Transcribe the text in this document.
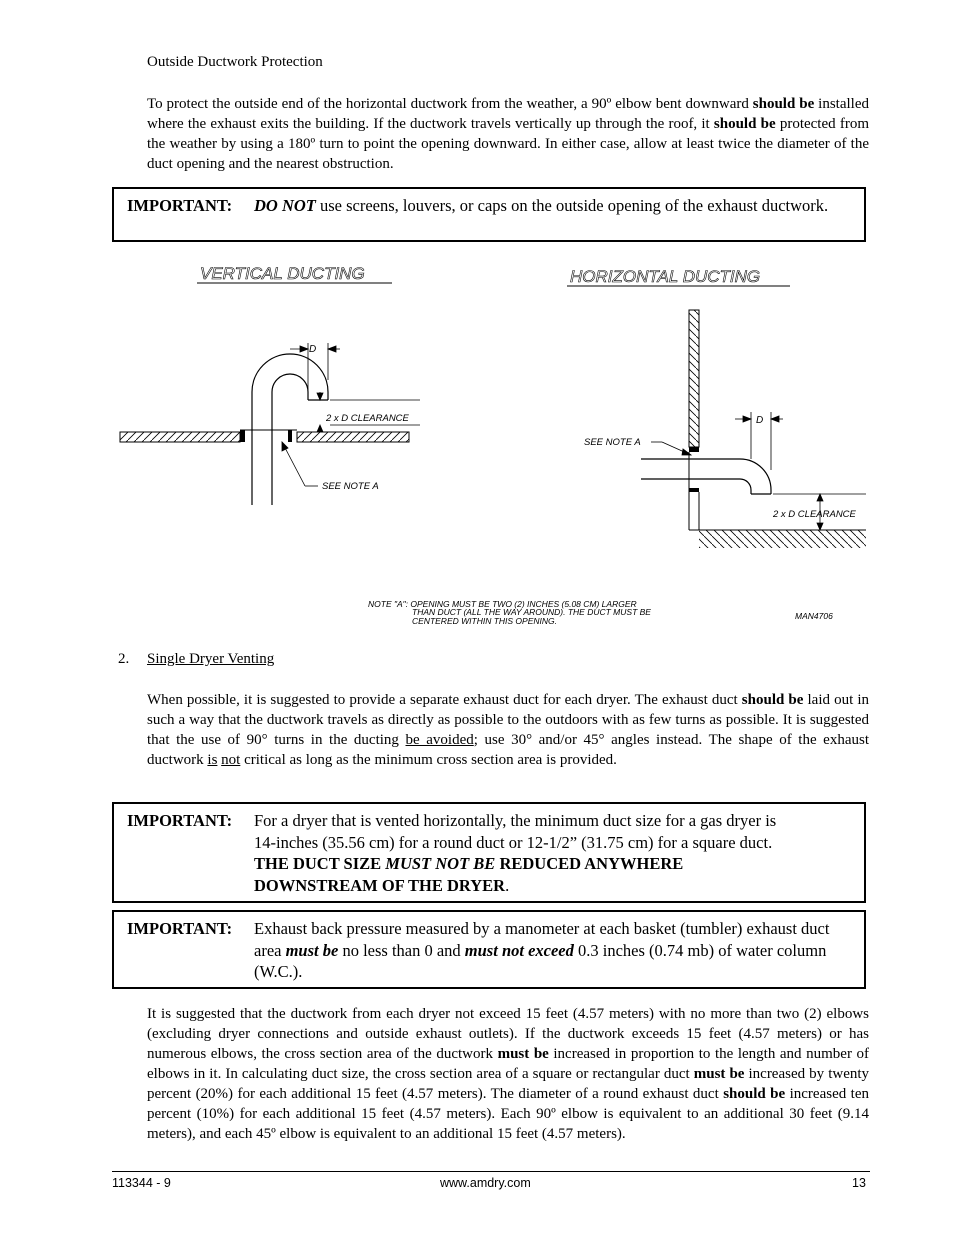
Outside Ductwork Protection
To protect the outside end of the horizontal ductwork from the weather, a 90º elbow bent downward should be installed where the exhaust exits the building. If the ductwork travels vertically up through the roof, it should be protected from the weather by using a 180º turn to point the opening downward. In either case, allow at least twice the diameter of the duct opening and the nearest obstruction.
IMPORTANT: DO NOT use screens, louvers, or caps on the outside opening of the exhaust ductwork.
VERTICAL DUCTING	HORIZONTAL DUCTING
D
2 x D CLEARANCE
SEE NOTE A
D
2 x D CLEARANCE
SEE NOTE A
NOTE "A": OPENING MUST BE TWO (2) INCHES (5.08 CM) LARGER
THAN DUCT (ALL THE WAY AROUND). THE DUCT MUST BE
CENTERED WITHIN THIS OPENING.	MAN4706
2. Single Dryer Venting
When possible, it is suggested to provide a separate exhaust duct for each dryer. The exhaust duct should be laid out in such a way that the ductwork travels as directly as possible to the outdoors with as few turns as possible. It is suggested that the use of 90° turns in the ducting be avoided; use 30° and/or 45° angles instead. The shape of the exhaust ductwork is not critical as long as the minimum cross section area is provided.
IMPORTANT: For a dryer that is vented horizontally, the minimum duct size for a gas dryer is
14-inches (35.56 cm) for a round duct or 12-1/2” (31.75 cm) for a square duct.
THE DUCT SIZE MUST NOT BE REDUCED ANYWHERE
DOWNSTREAM OF THE DRYER.
IMPORTANT: Exhaust back pressure measured by a manometer at each basket (tumbler) exhaust duct area must be no less than 0 and must not exceed 0.3 inches (0.74 mb) of water column (W.C.).
It is suggested that the ductwork from each dryer not exceed 15 feet (4.57 meters) with no more than two (2) elbows (excluding dryer connections and outside exhaust outlets). If the ductwork exceeds 15 feet (4.57 meters) or has numerous elbows, the cross section area of the ductwork must be increased in proportion to the length and number of elbows in it. In calculating duct size, the cross section area of a square or rectangular duct must be increased by twenty percent (20%) for each additional 15 feet (4.57 meters). The diameter of a round exhaust duct should be increased ten percent (10%) for each additional 15 feet (4.57 meters). Each 90º elbow is equivalent to an additional 30 feet (9.14 meters), and each 45º elbow is equivalent to an additional 15 feet (4.57 meters).
113344 - 9	www.amdry.com	13
